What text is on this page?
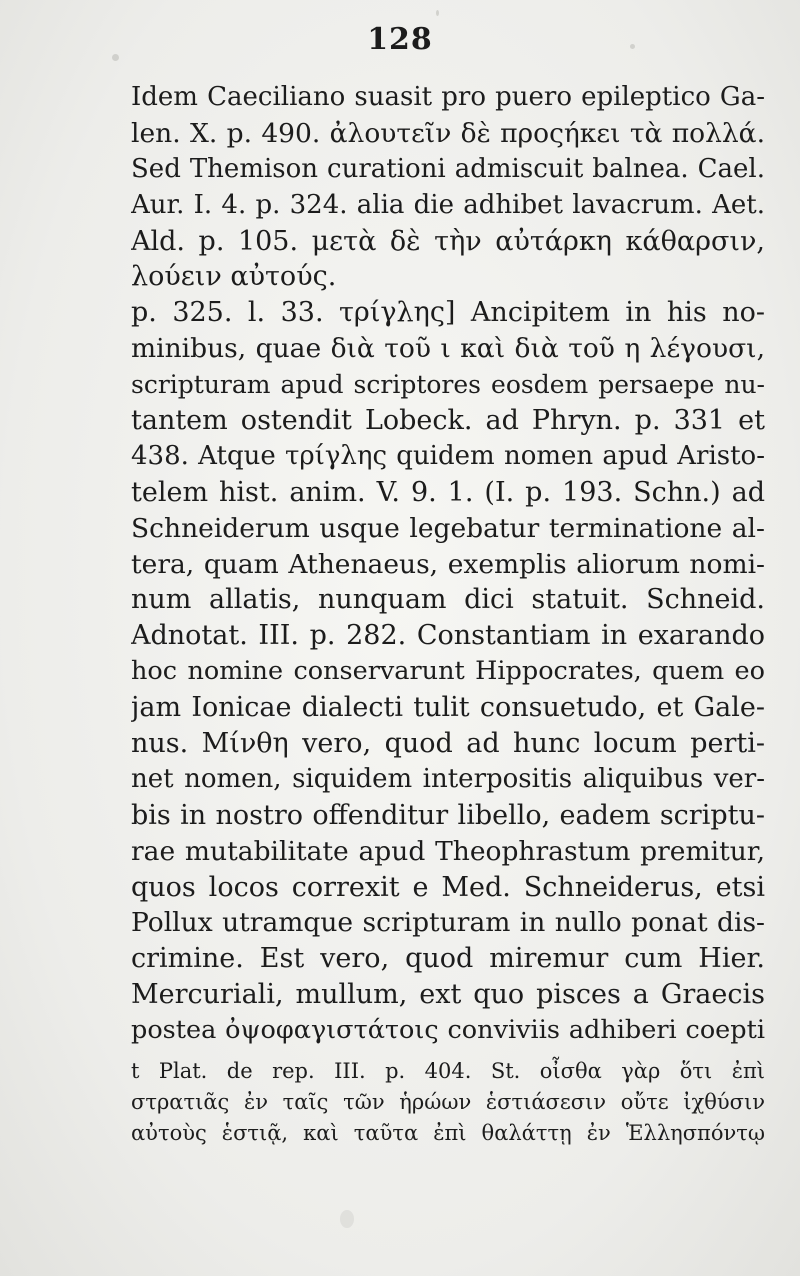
128
Idem Caeciliano suasit pro puero epileptico Ga-
len. X. p. 490. ἀλουτεῖν δὲ προςήκει τὰ πολλά.
Sed Themison curationi admiscuit balnea. Cael.
Aur. I. 4. p. 324. alia die adhibet lavacrum. Aet.
Ald. p. 105. μετὰ δὲ τὴν αὐτάρκη κάθαρσιν,
λούειν αὐτούς.
p. 325. l. 33. τρίγλης] Ancipitem in his no-
minibus, quae διὰ τοῦ ι καὶ διὰ τοῦ η λέγουσι,
scripturam apud scriptores eosdem persaepe nu-
tantem ostendit Lobeck. ad Phryn. p. 331 et
438. Atque τρίγλης quidem nomen apud Aristo-
telem hist. anim. V. 9. 1. (I. p. 193. Schn.) ad
Schneiderum usque legebatur terminatione al-
tera, quam Athenaeus, exemplis aliorum nomi-
num allatis, nunquam dici statuit. Schneid.
Adnotat. III. p. 282. Constantiam in exarando
hoc nomine conservarunt Hippocrates, quem eo
jam Ionicae dialecti tulit consuetudo, et Gale-
nus. Μίνθη vero, quod ad hunc locum perti-
net nomen, siquidem interpositis aliquibus ver-
bis in nostro offenditur libello, eadem scriptu-
rae mutabilitate apud Theophrastum premitur,
quos locos correxit e Med. Schneiderus, etsi
Pollux utramque scripturam in nullo ponat dis-
crimine. Est vero, quod miremur cum Hier.
Mercuriali, mullum, ext quo pisces a Graecis
postea ὀψοφαγιστάτοις conviviis adhiberi coepti
t Plat. de rep. III. p. 404. St. οἶσθα γὰρ ὅτι ἐπὶ
στρατιᾶς ἐν ταῖς τῶν ἡρώων ἑστιάσεσιν οὔτε ἰχθύσιν
αὐτοὺς ἑστιᾷ, καὶ ταῦτα ἐπὶ θαλάττῃ ἐν Ἑλλησπόντῳ
